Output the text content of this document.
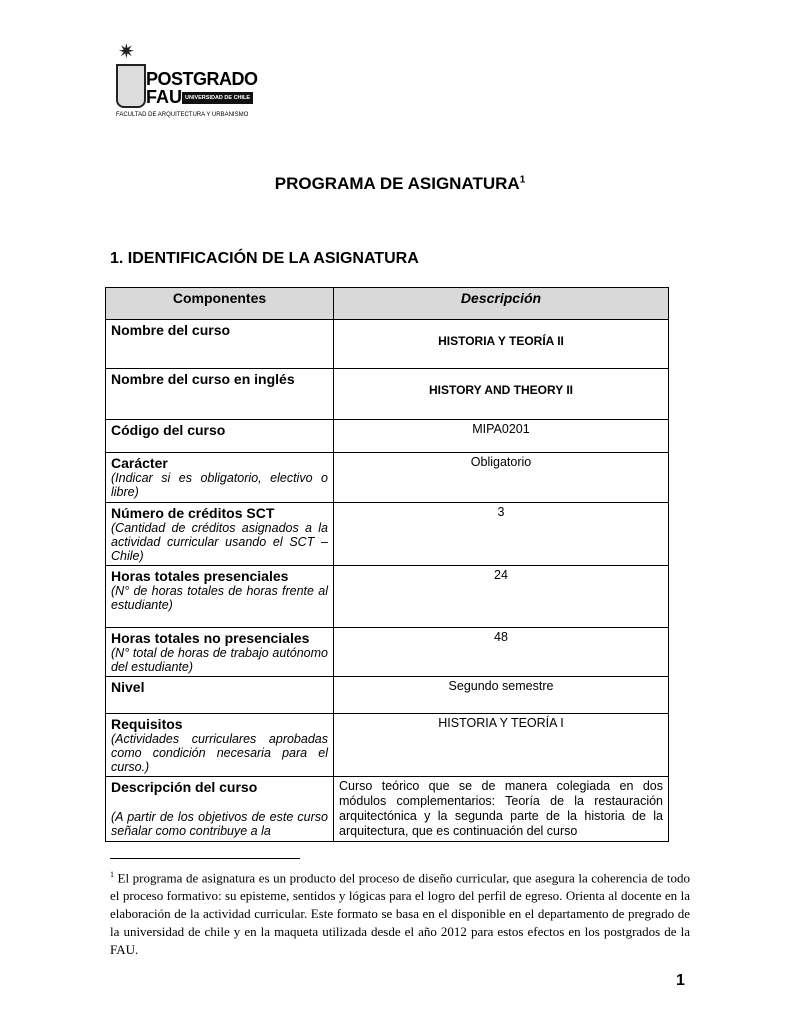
✷
POSTGRADO
FAU UNIVERSIDAD DE CHILE
FACULTAD DE ARQUITECTURA Y URBANISMO
PROGRAMA DE ASIGNATURA$^1$
1. IDENTIFICACIÓN DE LA ASIGNATURA
Componentes	Descripción

Nombre del curso	HISTORIA Y TEORÍA II

Nombre del curso en inglés	HISTORY AND THEORY II

Código del curso	MIPA0201

Carácter
(Indicar si es obligatorio, electivo o libre)	Obligatorio

Número de créditos SCT
(Cantidad de créditos asignados a la actividad curricular usando el SCT – Chile)	3

Horas totales presenciales
(N° de horas totales de horas frente al estudiante)	24

Horas totales no presenciales
(N° total de horas de trabajo autónomo del estudiante)	48

Nivel	Segundo semestre

Requisitos
(Actividades curriculares aprobadas como condición necesaria para el curso.)	HISTORIA Y TEORÍA I

Descripción del curso
(A partir de los objetivos de este curso señalar como contribuye a la	Curso teórico que se de manera colegiada en dos módulos complementarios: Teoría de la restauración arquitectónica y la segunda parte de la historia de la arquitectura, que es continuación del curso
$^1$ El programa de asignatura es un producto del proceso de diseño curricular, que asegura la coherencia de todo el proceso formativo: su episteme, sentidos y lógicas para el logro del perfil de egreso. Orienta al docente en la elaboración de la actividad curricular. Este formato se basa en el disponible en el departamento de pregrado de la universidad de chile y en la maqueta utilizada desde el año 2012 para estos efectos en los postgrados de la FAU.
1
